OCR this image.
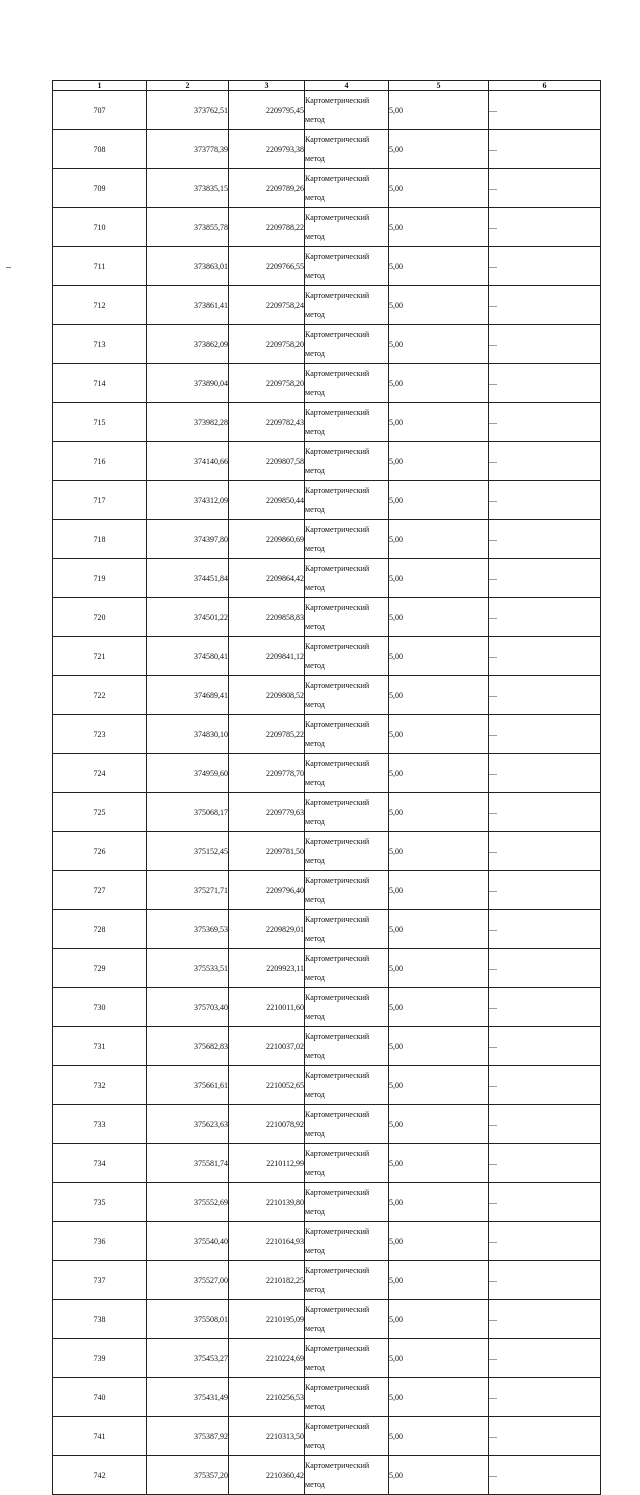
1	2	3	4	5	6
707	373762,51	2209795,45	Картометрический метод	5,00	—
708	373778,39	2209793,38	Картометрический метод	5,00	—
709	373835,15	2209789,26	Картометрический метод	5,00	—
710	373855,78	2209788,22	Картометрический метод	5,00	—
711	373863,01	2209766,55	Картометрический метод	5,00	—
712	373861,41	2209758,24	Картометрический метод	5,00	—
713	373862,09	2209758,20	Картометрический метод	5,00	—
714	373890,04	2209758,20	Картометрический метод	5,00	—
715	373982,28	2209782,43	Картометрический метод	5,00	—
716	374140,66	2209807,58	Картометрический метод	5,00	—
717	374312,09	2209850,44	Картометрический метод	5,00	—
718	374397,80	2209860,69	Картометрический метод	5,00	—
719	374451,84	2209864,42	Картометрический метод	5,00	—
720	374501,22	2209858,83	Картометрический метод	5,00	—
721	374580,41	2209841,12	Картометрический метод	5,00	—
722	374689,41	2209808,52	Картометрический метод	5,00	—
723	374830,10	2209785,22	Картометрический метод	5,00	—
724	374959,60	2209778,70	Картометрический метод	5,00	—
725	375068,17	2209779,63	Картометрический метод	5,00	—
726	375152,45	2209781,50	Картометрический метод	5,00	—
727	375271,71	2209796,40	Картометрический метод	5,00	—
728	375369,53	2209829,01	Картометрический метод	5,00	—
729	375533,51	2209923,11	Картометрический метод	5,00	—
730	375703,40	2210011,60	Картометрический метод	5,00	—
731	375682,83	2210037,02	Картометрический метод	5,00	—
732	375661,61	2210052,65	Картометрический метод	5,00	—
733	375623,63	2210078,92	Картометрический метод	5,00	—
734	375581,74	2210112,99	Картометрический метод	5,00	—
735	375552,69	2210139,80	Картометрический метод	5,00	—
736	375540,40	2210164,93	Картометрический метод	5,00	—
737	375527,00	2210182,25	Картометрический метод	5,00	—
738	375508,01	2210195,09	Картометрический метод	5,00	—
739	375453,27	2210224,69	Картометрический метод	5,00	—
740	375431,49	2210256,53	Картометрический метод	5,00	—
741	375387,92	2210313,50	Картометрический метод	5,00	—
742	375357,20	2210360,42	Картометрический метод	5,00	—
